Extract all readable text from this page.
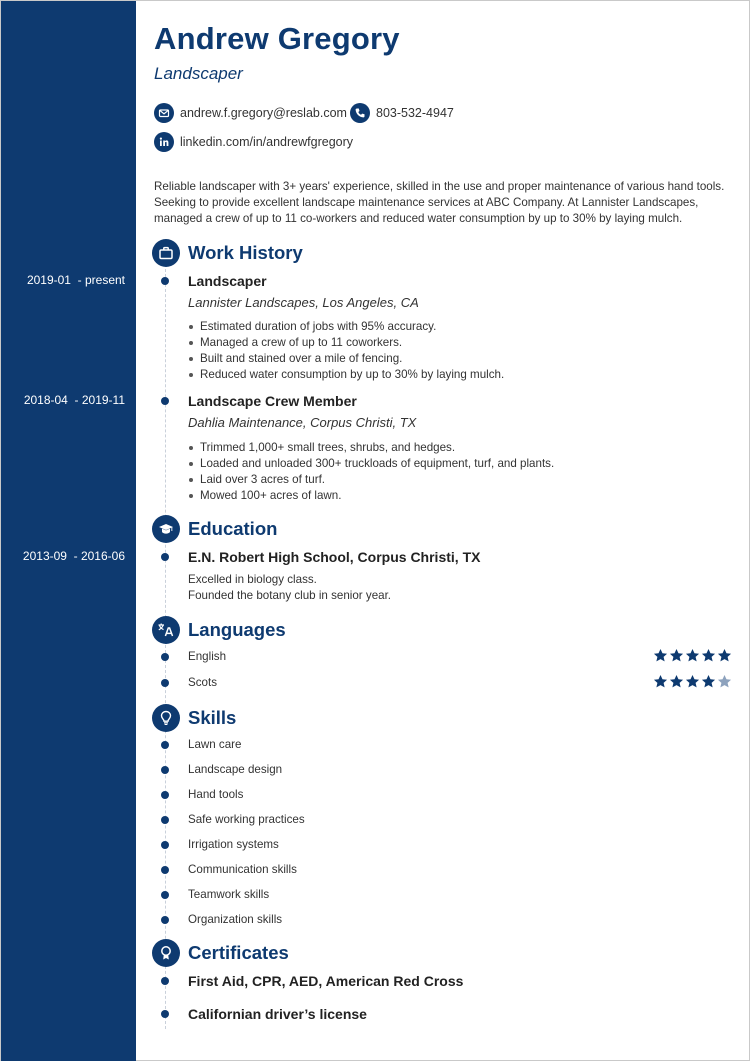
Andrew Gregory
Landscaper
andrew.f.gregory@reslab.com 803-532-4947
linkedin.com/in/andrewfgregory
Reliable landscaper with 3+ years' experience, skilled in the use and proper maintenance of various hand tools. Seeking to provide excellent landscape maintenance services at ABC Company. At Lannister Landscapes, managed a crew of up to 11 co-workers and reduced water consumption by up to 30% by laying mulch.
Work History
2019-01  - present	Landscaper
Lannister Landscapes, Los Angeles, CA
Estimated duration of jobs with 95% accuracy.
Managed a crew of up to 11 coworkers.
Built and stained over a mile of fencing.
Reduced water consumption by up to 30% by laying mulch.
2018-04  - 2019-11	Landscape Crew Member
Dahlia Maintenance, Corpus Christi, TX
Trimmed 1,000+ small trees, shrubs, and hedges.
Loaded and unloaded 300+ truckloads of equipment, turf, and plants.
Laid over 3 acres of turf.
Mowed 100+ acres of lawn.
Education
2013-09  - 2016-06	E.N. Robert High School, Corpus Christi, TX
Excelled in biology class.
Founded the botany club in senior year.
Languages
English
Scots
Skills
Lawn care
Landscape design
Hand tools
Safe working practices
Irrigation systems
Communication skills
Teamwork skills
Organization skills
Certificates
First Aid, CPR, AED, American Red Cross
Californian driver’s license
